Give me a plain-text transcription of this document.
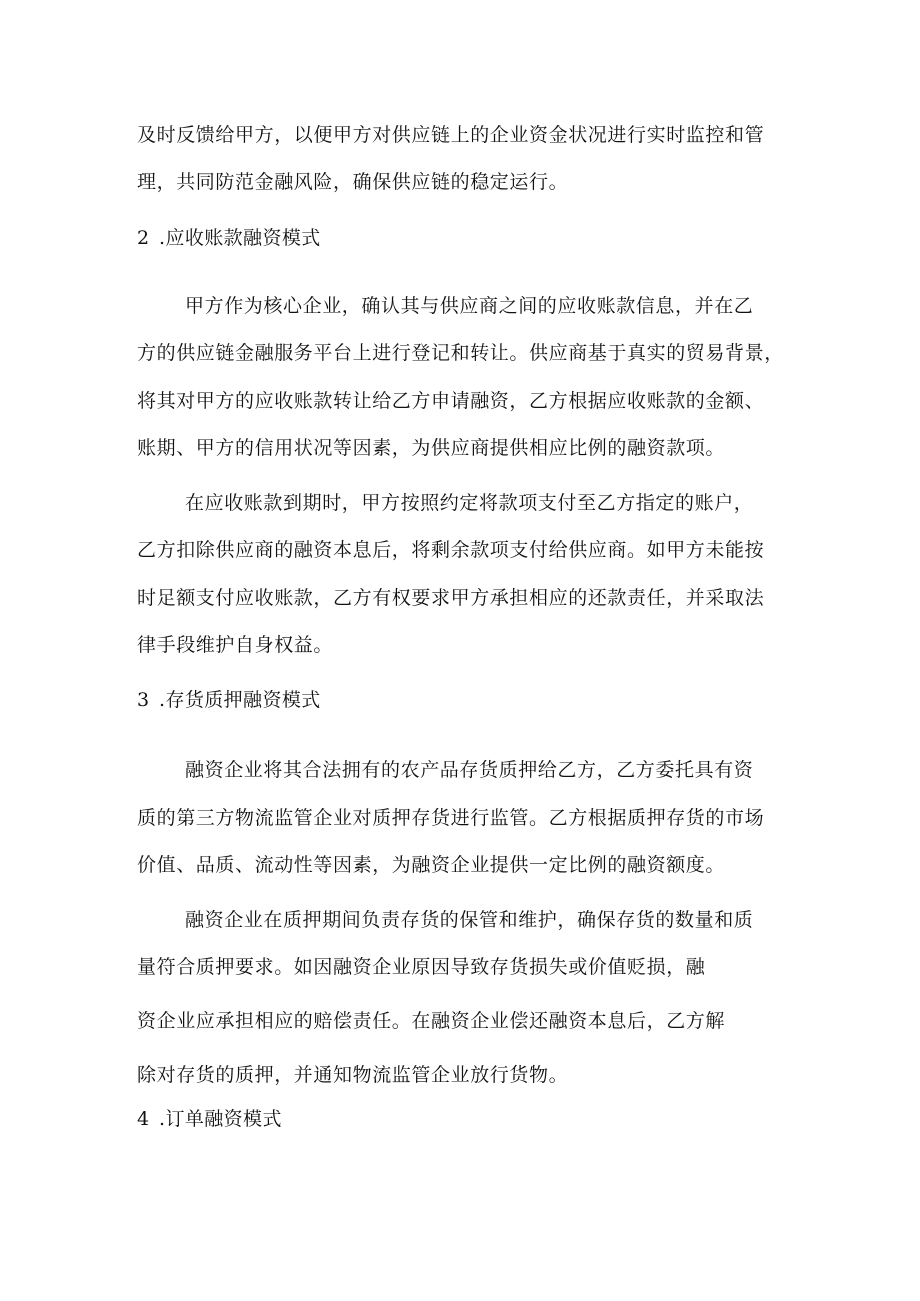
及时反馈给甲方，以便甲方对供应链上的企业资金状况进行实时监控和管
理，共同防范金融风险，确保供应链的稳定运行。
2 .应收账款融资模式
甲方作为核心企业，确认其与供应商之间的应收账款信息，并在乙
方的供应链金融服务平台上进行登记和转让。供应商基于真实的贸易背景，
将其对甲方的应收账款转让给乙方申请融资，乙方根据应收账款的金额、
账期、甲方的信用状况等因素，为供应商提供相应比例的融资款项。
在应收账款到期时，甲方按照约定将款项支付至乙方指定的账户，
乙方扣除供应商的融资本息后，将剩余款项支付给供应商。如甲方未能按
时足额支付应收账款，乙方有权要求甲方承担相应的还款责任，并采取法
律手段维护自身权益。
3 .存货质押融资模式
融资企业将其合法拥有的农产品存货质押给乙方，乙方委托具有资
质的第三方物流监管企业对质押存货进行监管。乙方根据质押存货的市场
价值、品质、流动性等因素，为融资企业提供一定比例的融资额度。
融资企业在质押期间负责存货的保管和维护，确保存货的数量和质
量符合质押要求。如因融资企业原因导致存货损失或价值贬损，融
资企业应承担相应的赔偿责任。在融资企业偿还融资本息后，乙方解
除对存货的质押，并通知物流监管企业放行货物。
4 .订单融资模式
